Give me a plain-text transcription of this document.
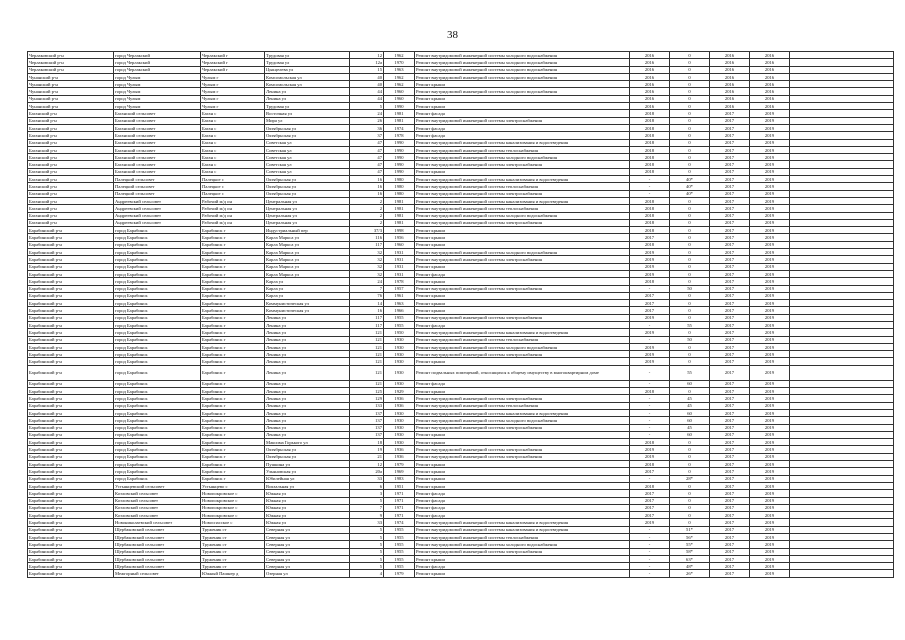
38
Черлаковский р-н	город Черлакский	Черлакский г	Трудовая ул	12	1962	Ремонт внутридомовой инженерной системы холодного водоснабжения	2016	0	2016	2016	
Черлаковский р-н	город Черлакский	Черлакский г	Трудовая ул	12а	1970	Ремонт внутридомовой инженерной системы холодного водоснабжения	2016	0	2016	2016	
Черлаковский р-н	город Черлакский	Черлакский г	Цыкцелева ул	15	1963	Ремонт внутридомовой инженерной системы холодного водоснабжения	2016	0	2016	2016	
Чунанский р-н	город Чулым	Чулым г	Комсомольская ул	40	1962	Ремонт внутридомовой инженерной системы холодного водоснабжения	2016	0	2016	2016	
Чунанский р-н	город Чулым	Чулым г	Комсомольская ул	40	1962	Ремонт крыши	2016	0	2016	2016	
Чунанский р-н	город Чулым	Чулым г	Ленина ул	44	1960	Ремонт внутридомовой инженерной системы холодного водоснабжения	2016	0	2016	2016	
Чунанский р-н	город Чулым	Чулым г	Ленина ул	44	1960	Ремонт крыши	2016	0	2016	2016	
Чунанский р-н	город Чулым	Чулым г	Трудовая ул	5	1990	Ремонт крыши	2016	0	2016	2016	
Баганский р-н	Баганский сельсовет	Баган с	Восточная ул	24	1981	Ремонт фасада	2018	0	2017	2019	
Баганский р-н	Баганский сельсовет	Баган с	Мира ул	26	1981	Ремонт внутридомовой инженерной системы электроснабжения	2018	0	2017	2019	
Баганский р-н	Баганский сельсовет	Баган с	Октябрьская ул	36	1974	Ремонт фасада	2018	0	2017	2019	
Баганский р-н	Баганский сельсовет	Баган с	Октябрьская ул	37	1978	Ремонт фасада	2018	0	2017	2019	
Баганский р-н	Баганский сельсовет	Баган с	Советская ул	47	1990	Ремонт внутридомовой инженерной системы канализования и водоотведения	2018	0	2017	2019	
Баганский р-н	Баганский сельсовет	Баган с	Советская ул	47	1990	Ремонт внутридомовой инженерной системы теплоснабжения	2018	0	2017	2019	
Баганский р-н	Баганский сельсовет	Баган с	Советская ул	47	1990	Ремонт внутридомовой инженерной системы холодного водоснабжения	2018	0	2017	2019	
Баганский р-н	Баганский сельсовет	Баган с	Советская ул	47	1990	Ремонт внутридомовой инженерной системы электроснабжения	2018	0	2017	2019	
Баганский р-н	Баганский сельсовет	Баган с	Советская ул	47	1990	Ремонт крыши	2018	0	2017	2019	
Баганский р-н	Палецкий сельсовет	Палецкое с	Октябрьская ул	16	1980	Ремонт внутридомовой инженерной системы канализования и водоотведения	-	40*	2017	2019	
Баганский р-н	Палецкий сельсовет	Палецкое с	Октябрьская ул	16	1980	Ремонт внутридомовой инженерной системы теплоснабжения	-	40*	2017	2019	
Баганский р-н	Палецкий сельсовет	Палецкое с	Октябрьская ул	16	1980	Ремонт внутридомовой инженерной системы электроснабжения	-	40*	2017	2019	
Баганский р-н	Андреевский сельсовет	Рабочий м/д он	Центральная ул	2	1981	Ремонт внутридомовой инженерной системы канализования и водоотведения	2018	0	2017	2019	
Баганский р-н	Андреевский сельсовет	Рабочий м/д он	Центральная ул	2	1981	Ремонт внутридомовой инженерной системы теплоснабжения	2018	0	2017	2019	
Баганский р-н	Андреевский сельсовет	Рабочий м/д он	Центральная ул	2	1981	Ремонт внутридомовой инженерной системы холодного водоснабжения	2018	0	2017	2019	
Баганский р-н	Андреевский сельсовет	Рабочий м/д он	Центральная ул	2	1981	Ремонт внутридомовой инженерной системы электроснабжения	2018	0	2017	2019	
Барабинский р-н	город Барабинск	Барабинск г	Индустриальный пер	37/3	1998	Ремонт крыши	2018	0	2017	2019	
Барабинский р-н	город Барабинск	Барабинск г	Карла Маркса ул	116	1956	Ремонт крыши	2017	0	2017	2019	
Барабинский р-н	город Барабинск	Барабинск г	Карла Маркса ул	117	1960	Ремонт крыши	2018	0	2017	2019	
Барабинский р-н	город Барабинск	Барабинск г	Карла Маркса ул	32	1931	Ремонт внутридомовой инженерной системы холодного водоснабжения	2019	0	2017	2019	
Барабинский р-н	город Барабинск	Барабинск г	Карла Маркса ул	32	1931	Ремонт внутридомовой инженерной системы электроснабжения	2019	0	2017	2019	
Барабинский р-н	город Барабинск	Барабинск г	Карла Маркса ул	32	1931	Ремонт крыши	2019	0	2017	2019	
Барабинский р-н	город Барабинск	Барабинск г	Карла Маркса ул	32	1931	Ремонт фасада	2019	0	2017	2019	
Барабинский р-н	город Барабинск	Барабинск г	Карла ул	24	1978	Ремонт крыши	2018	0	2017	2019	
Барабинский р-н	город Барабинск	Барабинск г	Карла ул	7	1957	Ремонт внутридомовой инженерной системы электроснабжения	-	50	2017	2019	
Барабинский р-н	город Барабинск	Барабинск г	Карла ул	76	1961	Ремонт крыши	2017	0	2017	2019	
Барабинский р-н	город Барабинск	Барабинск г	Коммунистическая ул	14	1963	Ремонт крыши	2017	0	2017	2019	
Барабинский р-н	город Барабинск	Барабинск г	Коммунистическая ул	16	1966	Ремонт крыши	2017	0	2017	2019	
Барабинский р-н	город Барабинск	Барабинск г	Ленина ул	117	1955	Ремонт внутридомовой инженерной системы электроснабжения	2019	0	2017	2019	
Барабинский р-н	город Барабинск	Барабинск г	Ленина ул	117	1955	Ремонт фасада	-	55	2017	2019	
Барабинский р-н	город Барабинск	Барабинск г	Ленина ул	121	1950	Ремонт внутридомовой инженерной системы канализования и водоотведения	2019	0	2017	2019	
Барабинский р-н	город Барабинск	Барабинск г	Ленина ул	121	1930	Ремонт внутридомовой инженерной системы теплоснабжения	-	50	2017	2019	
Барабинский р-н	город Барабинск	Барабинск г	Ленина ул	121	1930	Ремонт внутридомовой инженерной системы холодного водоснабжения	2019	0	2017	2019	
Барабинский р-н	город Барабинск	Барабинск г	Ленина ул	121	1930	Ремонт внутридомовой инженерной системы электроснабжения	2019	0	2017	2019	
Барабинский р-н	город Барабинск	Барабинск г	Ленина ул	121	1930	Ремонт крыши	2019	0	2017	2019	
Барабинский р-н	город Барабинск	Барабинск г	Ленина ул	121	1930	Ремонт подвальных помещений, относящихся к общему имуществу в многоквартирном доме	-	55	2017	2019	
Барабинский р-н	город Барабинск	Барабинск г	Ленина ул	121	1930	Ремонт фасада	-	60	2017	2019	
Барабинский р-н	город Барабинск	Барабинск г	Ленина ул	125	1929	Ремонт крыши	2018	0	2017	2019	
Барабинский р-н	город Барабинск	Барабинск г	Ленина ул	129	1936	Ремонт внутридомовой инженерной системы электроснабжения	-	45	2017	2019	
Барабинский р-н	город Барабинск	Барабинск г	Ленина ул	133	1936	Ремонт внутридомовой инженерной системы теплоснабжения	-	45	2017	2019	
Барабинский р-н	город Барабинск	Барабинск г	Ленина ул	137	1930	Ремонт внутридомовой инженерной системы канализования и водоотведения	-	60	2017	2019	
Барабинский р-н	город Барабинск	Барабинск г	Ленина ул	137	1930	Ремонт внутридомовой инженерной системы холодного водоснабжения	-	60	2017	2019	
Барабинский р-н	город Барабинск	Барабинск г	Ленина ул	137	1930	Ремонт внутридомовой инженерной системы электроснабжения	-	45	2017	2019	
Барабинский р-н	город Барабинск	Барабинск г	Ленина ул	137	1930	Ремонт крыши	-	60	2017	2019	
Барабинский р-н	город Барабинск	Барабинск г	Максима Горького ул	18	1930	Ремонт крыши	2018	0	2017	2019	
Барабинский р-н	город Барабинск	Барабинск г	Октябрьская ул	19	1936	Ремонт внутридомовой инженерной системы электроснабжения	2019	0	2017	2019	
Барабинский р-н	город Барабинск	Барабинск г	Октябрьская ул	21	1936	Ремонт внутридомовой инженерной системы электроснабжения	2019	0	2017	2019	
Барабинский р-н	город Барабинск	Барабинск г	Пушкина ул	12	1979	Ремонт крыши	2018	0	2017	2019	
Барабинский р-н	город Барабинск	Барабинск г	Ульяновская ул	20а	1969	Ремонт крыши	2017	0	2017	2019	
Барабинский р-н	город Барабинск	Барабинск г	Юбилейная ул	33	1983	Ремонт крыши	-	28*	2017	2019	
Барабинский р-н	Устьянцевский сельсовет	Устьянцево с	Вокзальная ул	6	1951	Ремонт крыши	2018	0	2017	2019	
Барабинский р-н	Козловский сельсовет	Новопокровское с	Южная ул	3	1971	Ремонт фасада	2017	0	2017	2019	
Барабинский р-н	Козловский сельсовет	Новопокровское с	Южная ул	5	1971	Ремонт фасада	2017	0	2017	2019	
Барабинский р-н	Козловский сельсовет	Новопокровское с	Южная ул	7	1971	Ремонт фасада	2017	0	2017	2019	
Барабинский р-н	Козловский сельсовет	Новопокровское с	Южная ул	9	1971	Ремонт фасада	2017	0	2017	2019	
Барабинский р-н	Новониколаевский сельсовет	Новоспасское с	Южная ул	33	1974	Ремонт внутридомовой инженерной системы канализования и водоотведения	2019	0	2017	2019	
Барабинский р-н	Щербаковский сельсовет	Труженик ст	Северная ул	5	1955	Ремонт внутридомовой инженерной системы канализования и водоотведения	-	51*	2017	2019	
Барабинский р-н	Щербаковский сельсовет	Труженик ст	Северная ул	5	1955	Ремонт внутридомовой инженерной системы теплоснабжения	-	56*	2017	2019	
Барабинский р-н	Щербаковский сельсовет	Труженик ст	Северная ул	5	1955	Ремонт внутридомовой инженерной системы холодного водоснабжения	-	55*	2017	2019	
Барабинский р-н	Щербаковский сельсовет	Труженик ст	Северная ул	5	1955	Ремонт внутридомовой инженерной системы электроснабжения	-	58*	2017	2019	
Барабинский р-н	Щербаковский сельсовет	Труженик ст	Северная ул	5	1955	Ремонт крыши	-	63*	2017	2019	
Барабинский р-н	Щербаковский сельсовет	Труженик ст	Северная ул	5	1955	Ремонт фасада	-	48*	2017	2019	
Барабинский р-н	Межгорный сельсовет	Южный Пашнер д	Озерная ул	4	1979	Ремонт крыши	-	26*	2017	2019	
